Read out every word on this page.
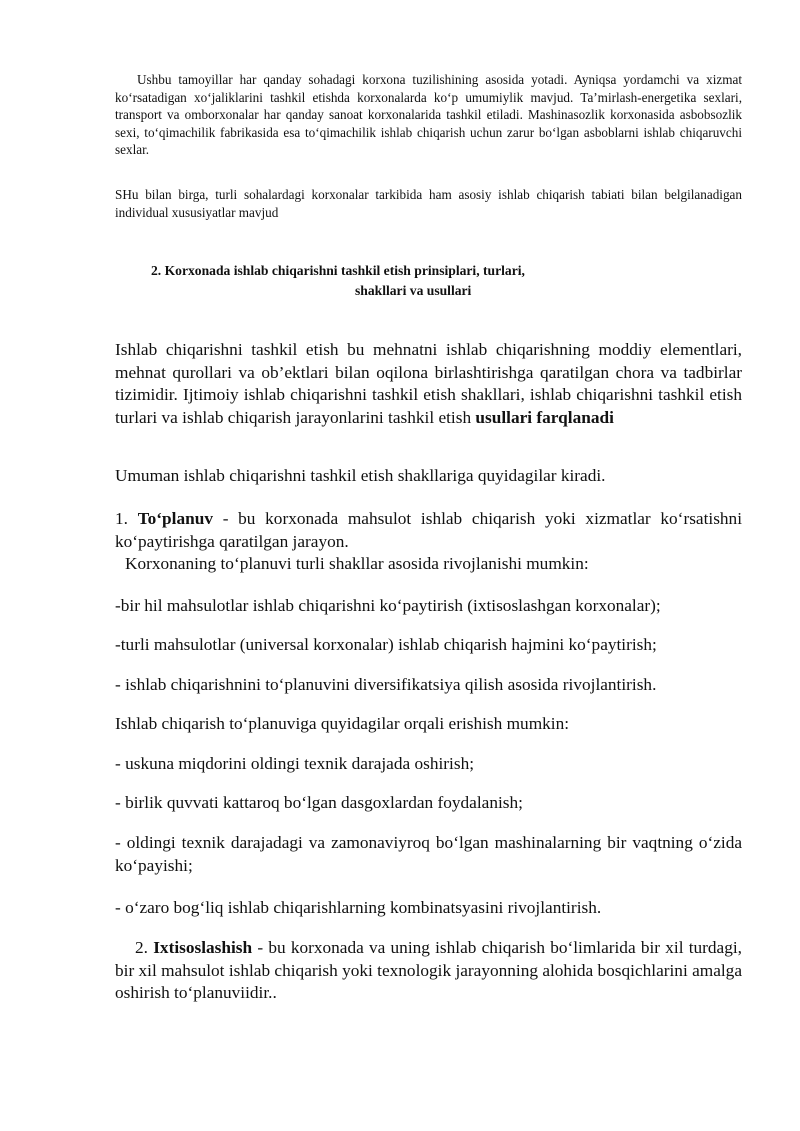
Ushbu tamoyillar har qanday sohadagi korxona tuzilishining asosida yotadi. Ayniqsa yordamchi va xizmat ko‘rsatadigan xo‘jaliklarini tashkil etishda korxonalarda ko‘p umumiylik mavjud. Ta’mirlash-energetika sexlari, transport va omborxonalar har qanday sanoat korxonalarida tashkil etiladi. Mashinasozlik korxonasida asbobsozlik sexi, to‘qimachilik fabrikasida esa to‘qimachilik ishlab chiqarish uchun zarur bo‘lgan asboblarni ishlab chiqaruvchi sexlar.

SHu bilan birga, turli sohalardagi korxonalar tarkibida ham asosiy ishlab chiqarish tabiati bilan belgilanadigan individual xususiyatlar mavjud

2. Korxonada ishlab chiqarishni tashkil etish prinsiplari, turlari,
shakllari va usullari

Ishlab chiqarishni tashkil etish bu mehnatni ishlab chiqarishning moddiy elementlari, mehnat qurollari va ob’ektlari bilan oqilona birlashtirishga qaratilgan chora va tadbirlar tizimidir. Ijtimoiy ishlab chiqarishni tashkil etish shakllari, ishlab chiqarishni tashkil etish turlari va ishlab chiqarish jarayonlarini tashkil etish usullari farqlanadi

Umuman ishlab chiqarishni tashkil etish shakllariga quyidagilar kiradi.

1. To‘planuv - bu korxonada mahsulot ishlab chiqarish yoki xizmatlar ko‘rsatishni ko‘paytirishga qaratilgan jarayon.
Korxonaning to‘planuvi turli shakllar asosida rivojlanishi mumkin:

-bir hil mahsulotlar ishlab chiqarishni ko‘paytirish (ixtisoslashgan korxonalar);

-turli mahsulotlar (universal korxonalar) ishlab chiqarish hajmini ko‘paytirish;

- ishlab chiqarishnini to‘planuvini diversifikatsiya qilish asosida rivojlantirish.

Ishlab chiqarish to‘planuviga quyidagilar orqali erishish mumkin:

- uskuna miqdorini oldingi texnik darajada oshirish;

- birlik quvvati kattaroq bo‘lgan dasgoxlardan foydalanish;

- oldingi texnik darajadagi va zamonaviyroq bo‘lgan mashinalarning bir vaqtning o‘zida ko‘payishi;

- o‘zaro bog‘liq ishlab chiqarishlarning kombinatsyasini rivojlantirish.

2. Ixtisoslashish - bu korxonada va uning ishlab chiqarish bo‘limlarida bir xil turdagi, bir xil mahsulot ishlab chiqarish yoki texnologik jarayonning alohida bosqichlarini amalga oshirish to‘planuviidir..
